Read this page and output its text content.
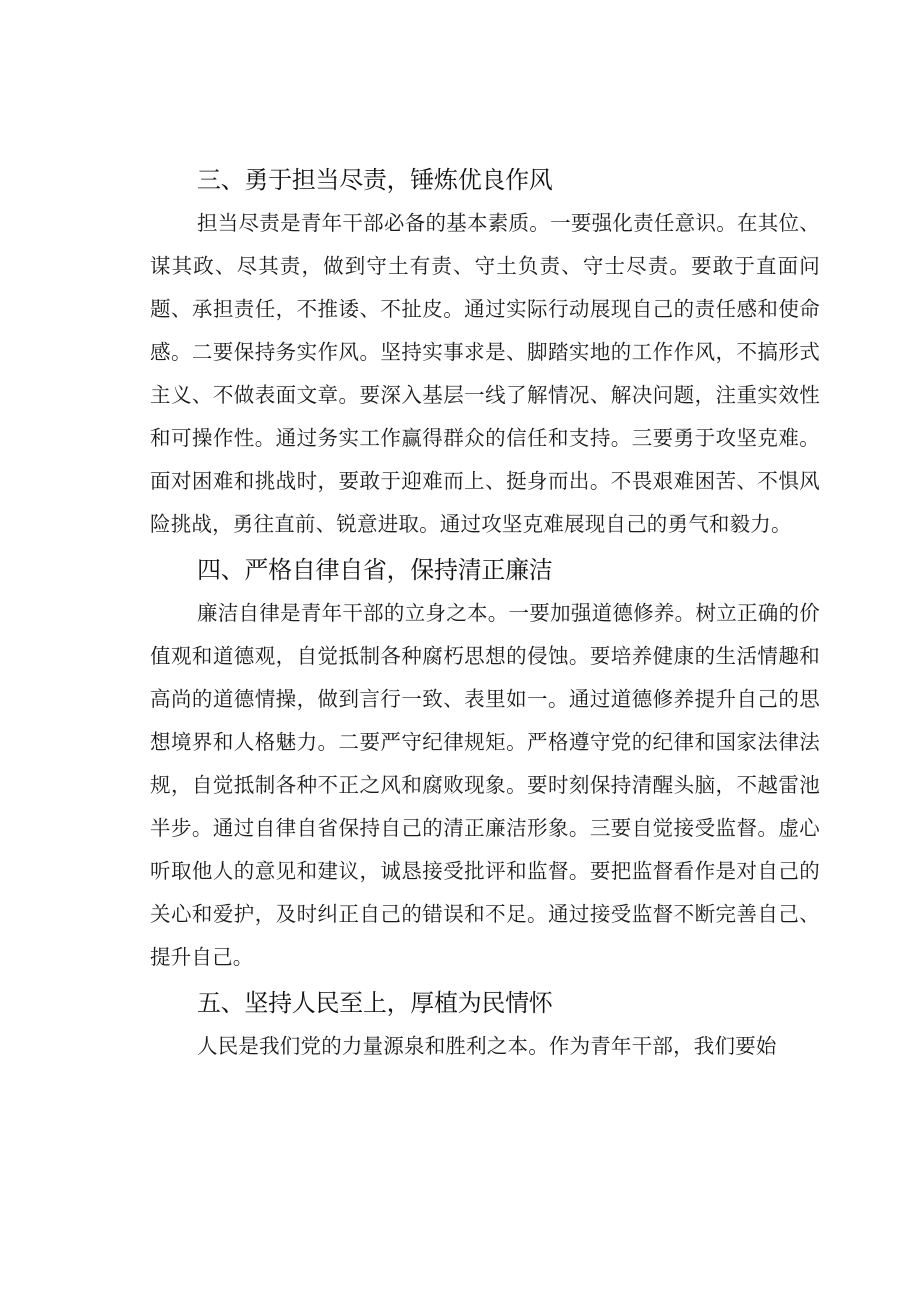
三、勇于担当尽责，锤炼优良作风

担当尽责是青年干部必备的基本素质。一要强化责任意识。在其位、谋其政、尽其责，做到守土有责、守土负责、守士尽责。要敢于直面问题、承担责任，不推诿、不扯皮。通过实际行动展现自己的责任感和使命感。二要保持务实作风。坚持实事求是、脚踏实地的工作作风，不搞形式主义、不做表面文章。要深入基层一线了解情况、解决问题，注重实效性和可操作性。通过务实工作赢得群众的信任和支持。三要勇于攻坚克难。面对困难和挑战时，要敢于迎难而上、挺身而出。不畏艰难困苦、不惧风险挑战，勇往直前、锐意进取。通过攻坚克难展现自己的勇气和毅力。

四、严格自律自省，保持清正廉洁

廉洁自律是青年干部的立身之本。一要加强道德修养。树立正确的价值观和道德观，自觉抵制各种腐朽思想的侵蚀。要培养健康的生活情趣和高尚的道德情操，做到言行一致、表里如一。通过道德修养提升自己的思想境界和人格魅力。二要严守纪律规矩。严格遵守党的纪律和国家法律法规，自觉抵制各种不正之风和腐败现象。要时刻保持清醒头脑，不越雷池半步。通过自律自省保持自己的清正廉洁形象。三要自觉接受监督。虚心听取他人的意见和建议，诚恳接受批评和监督。要把监督看作是对自己的关心和爱护，及时纠正自己的错误和不足。通过接受监督不断完善自己、提升自己。

五、坚持人民至上，厚植为民情怀

人民是我们党的力量源泉和胜利之本。作为青年干部，我们要始
